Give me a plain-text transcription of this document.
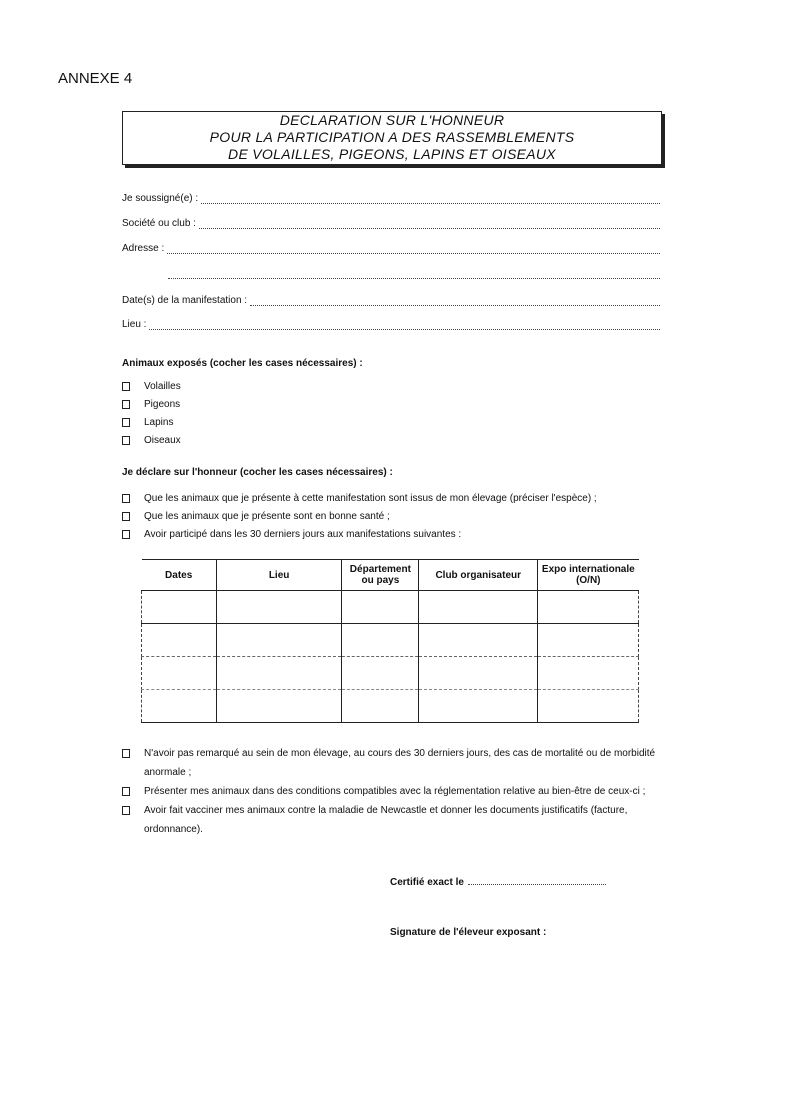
ANNEXE 4
DECLARATION SUR L'HONNEUR
POUR LA PARTICIPATION A DES RASSEMBLEMENTS
DE VOLAILLES, PIGEONS, LAPINS ET OISEAUX
Je soussigné(e) :
Société ou club :
Adresse :
Date(s) de la manifestation :
Lieu :
Animaux exposés (cocher les cases nécessaires) :
Volailles
Pigeons
Lapins
Oiseaux
Je déclare sur l'honneur (cocher les cases nécessaires) :
Que les animaux que je présente à cette manifestation sont issus de mon élevage (préciser l'espèce) ;
Que les animaux que je présente sont en bonne santé ;
Avoir participé dans les 30 derniers jours aux manifestations suivantes :
Dates	Lieu	Département ou pays	Club organisateur	Expo internationale (O/N)

N'avoir pas remarqué au sein de mon élevage, au cours des 30 derniers jours, des cas de mortalité ou de morbidité anormale ;
Présenter mes animaux dans des conditions compatibles avec la réglementation relative au bien-être de ceux-ci ;
Avoir fait vacciner mes animaux contre la maladie de Newcastle et donner les documents justificatifs (facture, ordonnance).
Certifié exact le
Signature de l'éleveur exposant :
